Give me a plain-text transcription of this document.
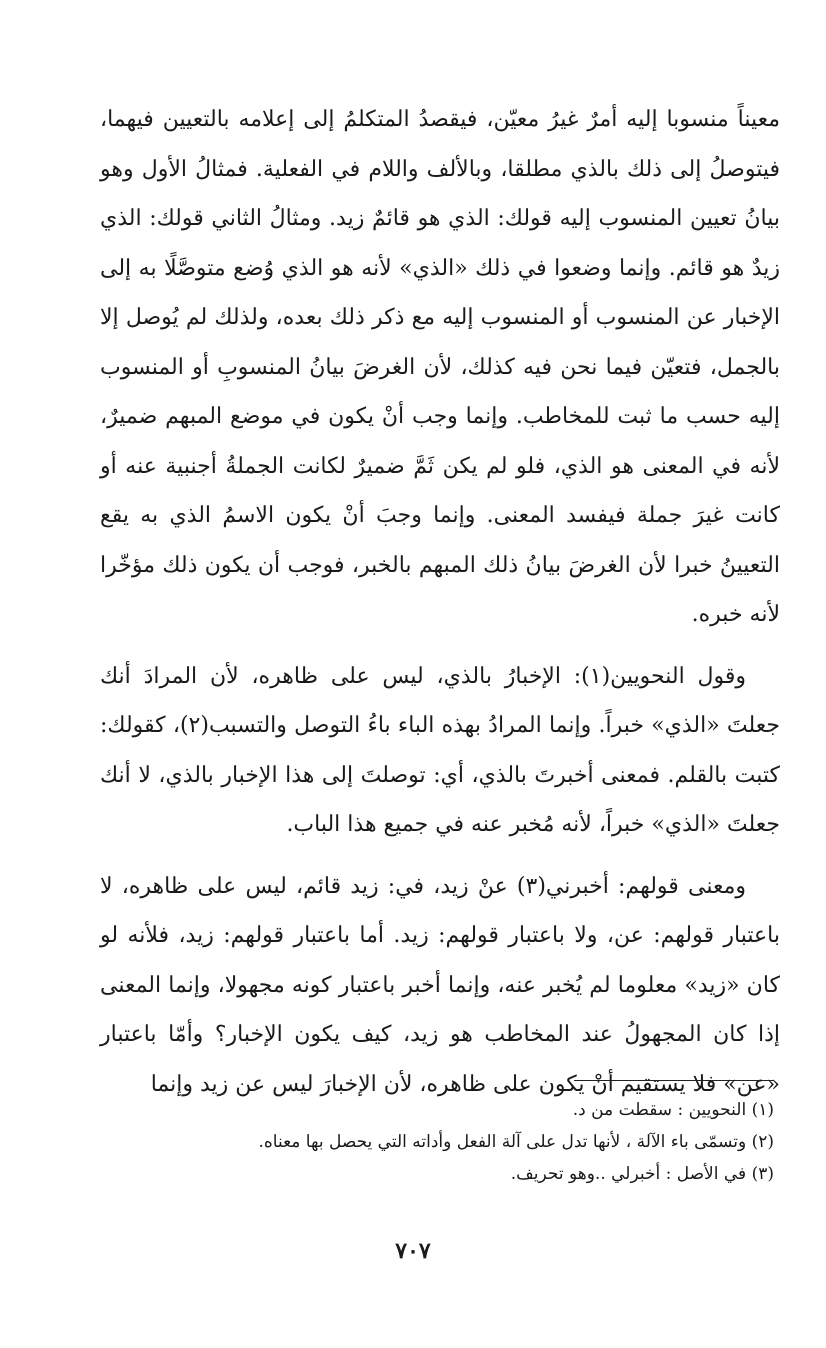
معيناً منسوبا إليه أمرٌ غيرُ معيّن، فيقصدُ المتكلمُ إلى إعلامه بالتعيين فيهما، فيتوصلُ إلى ذلك بالذي مطلقا، وبالألف واللام في الفعلية. فمثالُ الأول وهو بيانُ تعيين المنسوب إليه قولك: الذي هو قائمٌ زيد. ومثالُ الثاني قولك: الذي زيدٌ هو قائم. وإنما وضعوا في ذلك «الذي» لأنه هو الذي وُضع متوصَّلًا به إلى الإخبار عن المنسوب أو المنسوب إليه مع ذكر ذلك بعده، ولذلك لم يُوصل إلا بالجمل، فتعيّن فيما نحن فيه كذلك، لأن الغرضَ بيانُ المنسوبِ أو المنسوب إليه حسب ما ثبت للمخاطب. وإنما وجب أنْ يكون في موضع المبهم ضميرٌ، لأنه في المعنى هو الذي، فلو لم يكن ثَمَّ ضميرٌ لكانت الجملةُ أجنبية عنه أو كانت غيرَ جملة فيفسد المعنى. وإنما وجبَ أنْ يكون الاسمُ الذي به يقع التعيينُ خبرا لأن الغرضَ بيانُ ذلك المبهم بالخبر، فوجب أن يكون ذلك مؤخّرا لأنه خبره.

وقول النحويين(١): الإخبارُ بالذي، ليس على ظاهره، لأن المرادَ أنك جعلتَ «الذي» خبراً. وإنما المرادُ بهذه الباء باءُ التوصل والتسبب(٢)، كقولك: كتبت بالقلم. فمعنى أخبرتَ بالذي، أي: توصلتَ إلى هذا الإخبار بالذي، لا أنك جعلتَ «الذي» خبراً، لأنه مُخبر عنه في جميع هذا الباب.

ومعنى قولهم: أخبرني(٣) عنْ زيد، في: زيد قائم، ليس على ظاهره، لا باعتبار قولهم: عن، ولا باعتبار قولهم: زيد. أما باعتبار قولهم: زيد، فلأنه لو كان «زيد» معلوما لم يُخبر عنه، وإنما أخبر باعتبار كونه مجهولا، وإنما المعنى إذا كان المجهولُ عند المخاطب هو زيد، كيف يكون الإخبار؟ وأمّا باعتبار «عن» فلا يستقيم أنْ يكون على ظاهره، لأن الإخبارَ ليس عن زيد وإنما

(١) النحويين : سقطت من د.

(٢) وتسمّى باء الآلة ، لأنها تدل على آلة الفعل وأداته التي يحصل بها معناه.

(٣) في الأصل : أخبرلي ..وهو تحريف.

٧٠٧
